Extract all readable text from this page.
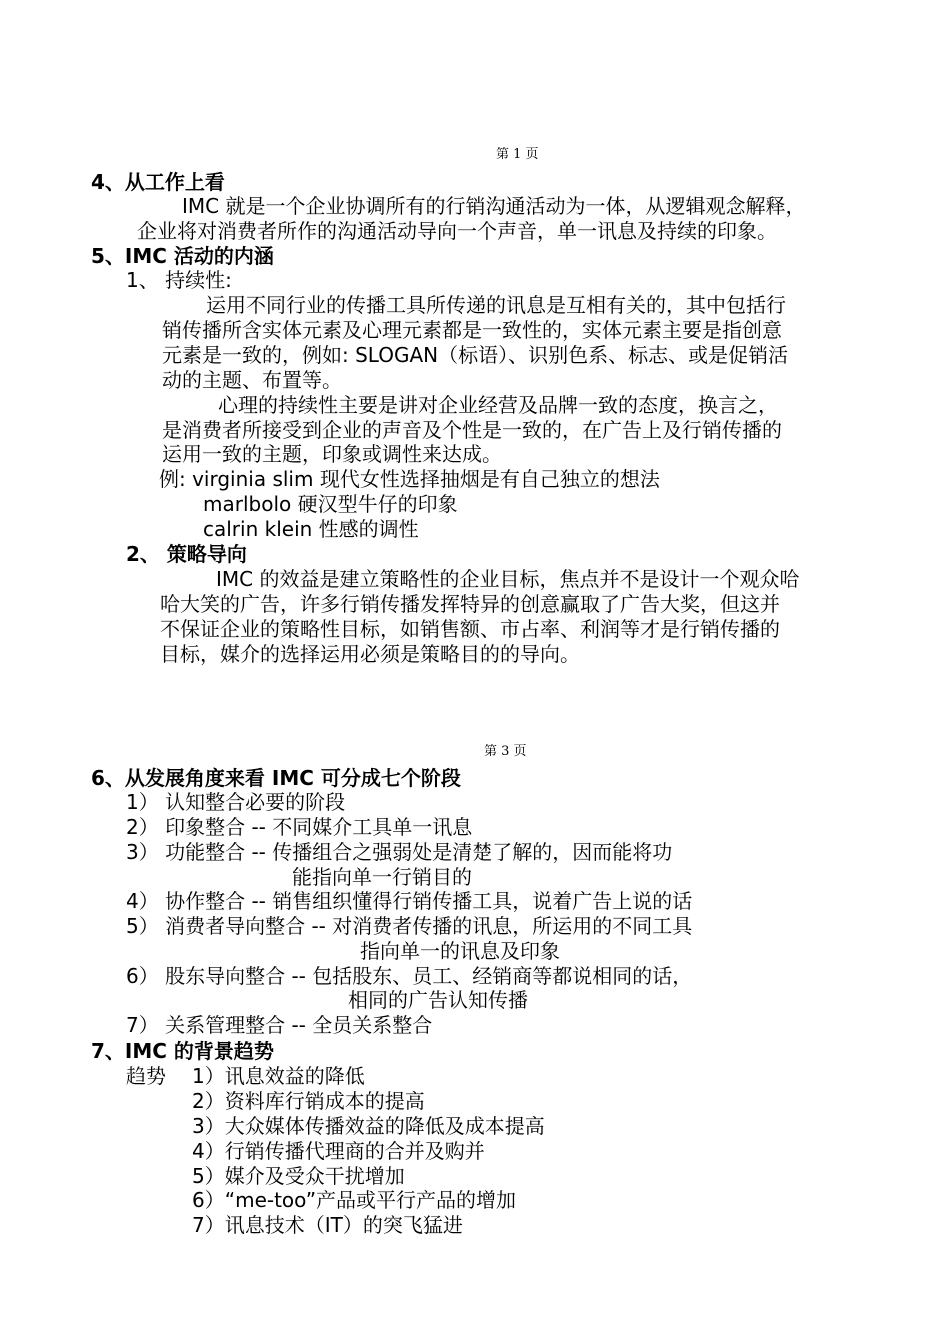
第 1 页
4、从工作上看
IMC 就是一个企业协调所有的行销沟通活动为一体，从逻辑观念解释，
企业将对消费者所作的沟通活动导向一个声音，单一讯息及持续的印象。
5、IMC 活动的内涵
1、 持续性:
运用不同行业的传播工具所传递的讯息是互相有关的，其中包括行
销传播所含实体元素及心理元素都是一致性的，实体元素主要是指创意
元素是一致的，例如: SLOGAN（标语）、识别色系、标志、或是促销活
动的主题、布置等。
心理的持续性主要是讲对企业经营及品牌一致的态度，换言之，
是消费者所接受到企业的声音及个性是一致的，在广告上及行销传播的
运用一致的主题，印象或调性来达成。
例: virginia slim 现代女性选择抽烟是有自己独立的想法
marlbolo 硬汉型牛仔的印象
calrin klein 性感的调性
2、 策略导向
IMC 的效益是建立策略性的企业目标，焦点并不是设计一个观众哈
哈大笑的广告，许多行销传播发挥特异的创意赢取了广告大奖，但这并
不保证企业的策略性目标，如销售额、市占率、利润等才是行销传播的
目标，媒介的选择运用必须是策略目的的导向。
第 3 页
6、从发展角度来看 IMC 可分成七个阶段
1） 认知整合必要的阶段
2） 印象整合 -- 不同媒介工具单一讯息
3） 功能整合 -- 传播组合之强弱处是清楚了解的，因而能将功
能指向单一行销目的
4） 协作整合 -- 销售组织懂得行销传播工具，说着广告上说的话
5） 消费者导向整合 -- 对消费者传播的讯息，所运用的不同工具
指向单一的讯息及印象
6） 股东导向整合 -- 包括股东、员工、经销商等都说相同的话，
相同的广告认知传播
7） 关系管理整合 -- 全员关系整合
7、IMC 的背景趋势
趋势 1）讯息效益的降低
2）资料库行销成本的提高
3）大众媒体传播效益的降低及成本提高
4）行销传播代理商的合并及购并
5）媒介及受众干扰增加
6）“me-too”产品或平行产品的增加
7）讯息技术（IT）的突飞猛进
